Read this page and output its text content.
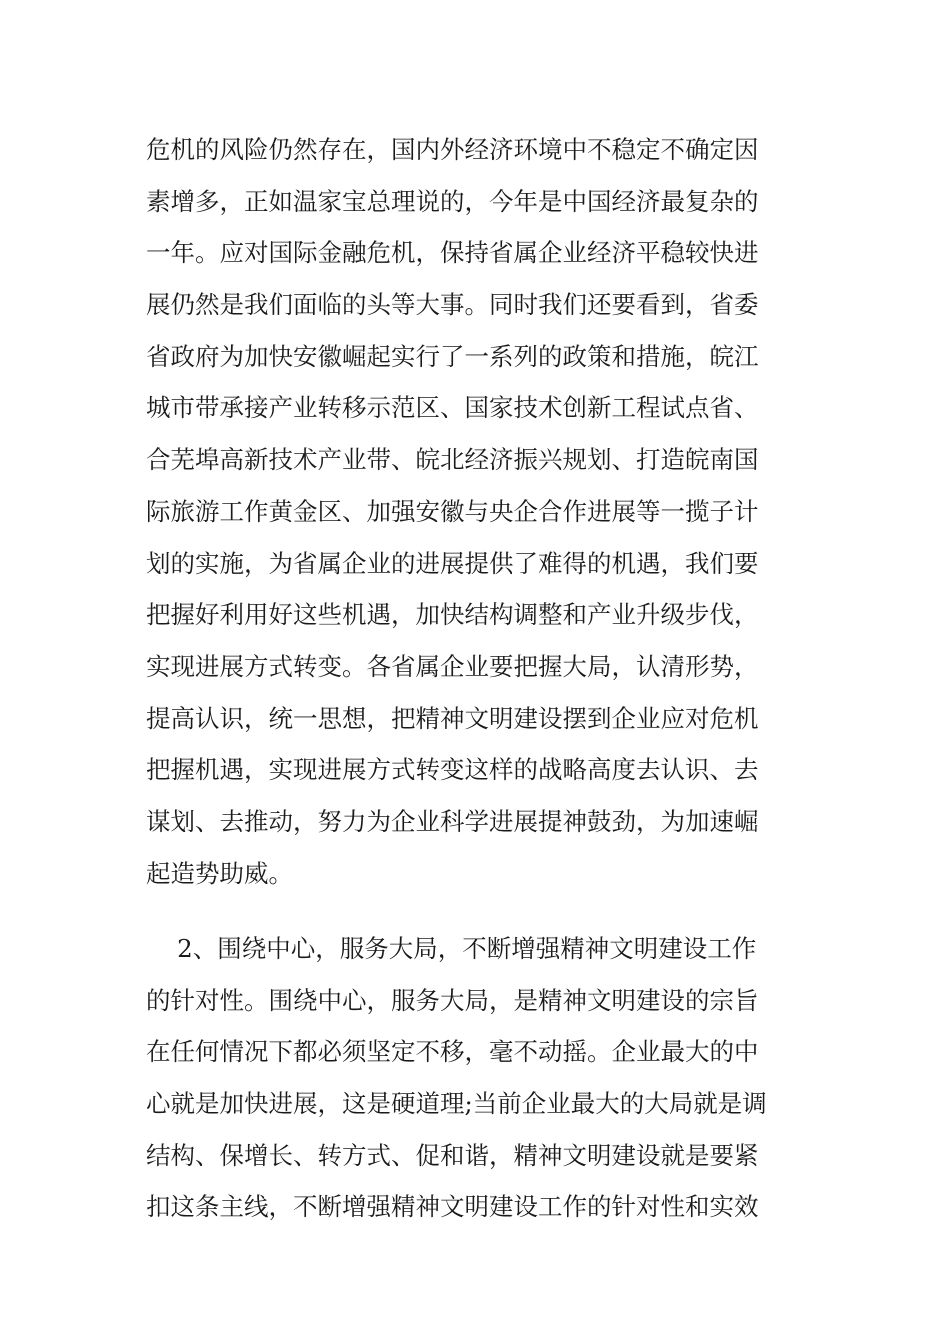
危机的风险仍然存在，国内外经济环境中不稳定不确定因
素增多，正如温家宝总理说的，今年是中国经济最复杂的
一年。应对国际金融危机，保持省属企业经济平稳较快进
展仍然是我们面临的头等大事。同时我们还要看到，省委
省政府为加快安徽崛起实行了一系列的政策和措施，皖江
城市带承接产业转移示范区、国家技术创新工程试点省、
合芜埠高新技术产业带、皖北经济振兴规划、打造皖南国
际旅游工作黄金区、加强安徽与央企合作进展等一揽子计
划的实施，为省属企业的进展提供了难得的机遇，我们要
把握好利用好这些机遇，加快结构调整和产业升级步伐，
实现进展方式转变。各省属企业要把握大局，认清形势，
提高认识，统一思想，把精神文明建设摆到企业应对危机
把握机遇，实现进展方式转变这样的战略高度去认识、去
谋划、去推动，努力为企业科学进展提神鼓劲，为加速崛
起造势助威。

2、围绕中心，服务大局，不断增强精神文明建设工作
的针对性。围绕中心，服务大局，是精神文明建设的宗旨
在任何情况下都必须坚定不移，毫不动摇。企业最大的中
心就是加快进展，这是硬道理;当前企业最大的大局就是调
结构、保增长、转方式、促和谐，精神文明建设就是要紧
扣这条主线，不断增强精神文明建设工作的针对性和实效
